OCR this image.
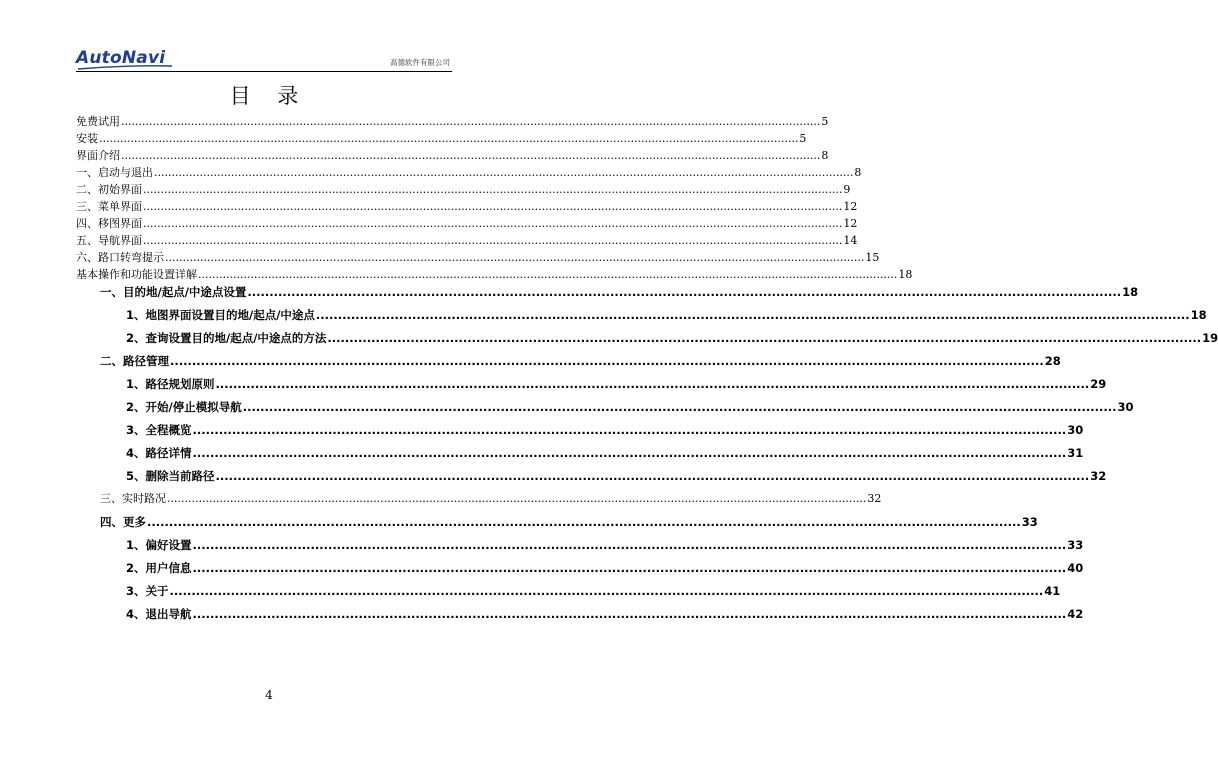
AutoNavi	高德软件有限公司
目 录
免费试用 ........................................................................................................................................................................................................ 5
安装 ........................................................................................................................................................................................................ 5
界面介绍 ........................................................................................................................................................................................................ 8
一、启动与退出 ........................................................................................................................................................................................................ 8
二、初始界面 ........................................................................................................................................................................................................ 9
三、菜单界面 ........................................................................................................................................................................................................ 12
四、移图界面 ........................................................................................................................................................................................................ 12
五、导航界面 ........................................................................................................................................................................................................ 14
六、路口转弯提示 ........................................................................................................................................................................................................ 15
基本操作和功能设置详解 ........................................................................................................................................................................................................ 18
一、目的地/起点/中途点设置 ........................................................................................................................................................................................................ 18
1、地图界面设置目的地/起点/中途点 ........................................................................................................................................................................................................ 18
2、查询设置目的地/起点/中途点的方法 ........................................................................................................................................................................................................ 19
二、路径管理 ........................................................................................................................................................................................................ 28
1、路径规划原则 ........................................................................................................................................................................................................ 29
2、开始/停止模拟导航 ........................................................................................................................................................................................................ 30
3、全程概览 ........................................................................................................................................................................................................ 30
4、路径详情 ........................................................................................................................................................................................................ 31
5、删除当前路径 ........................................................................................................................................................................................................ 32
三、实时路况 ........................................................................................................................................................................................................ 32
四、更多 ........................................................................................................................................................................................................ 33
1、偏好设置 ........................................................................................................................................................................................................ 33
2、用户信息 ........................................................................................................................................................................................................ 40
3、关于 ........................................................................................................................................................................................................ 41
4、退出导航 ........................................................................................................................................................................................................ 42
4
